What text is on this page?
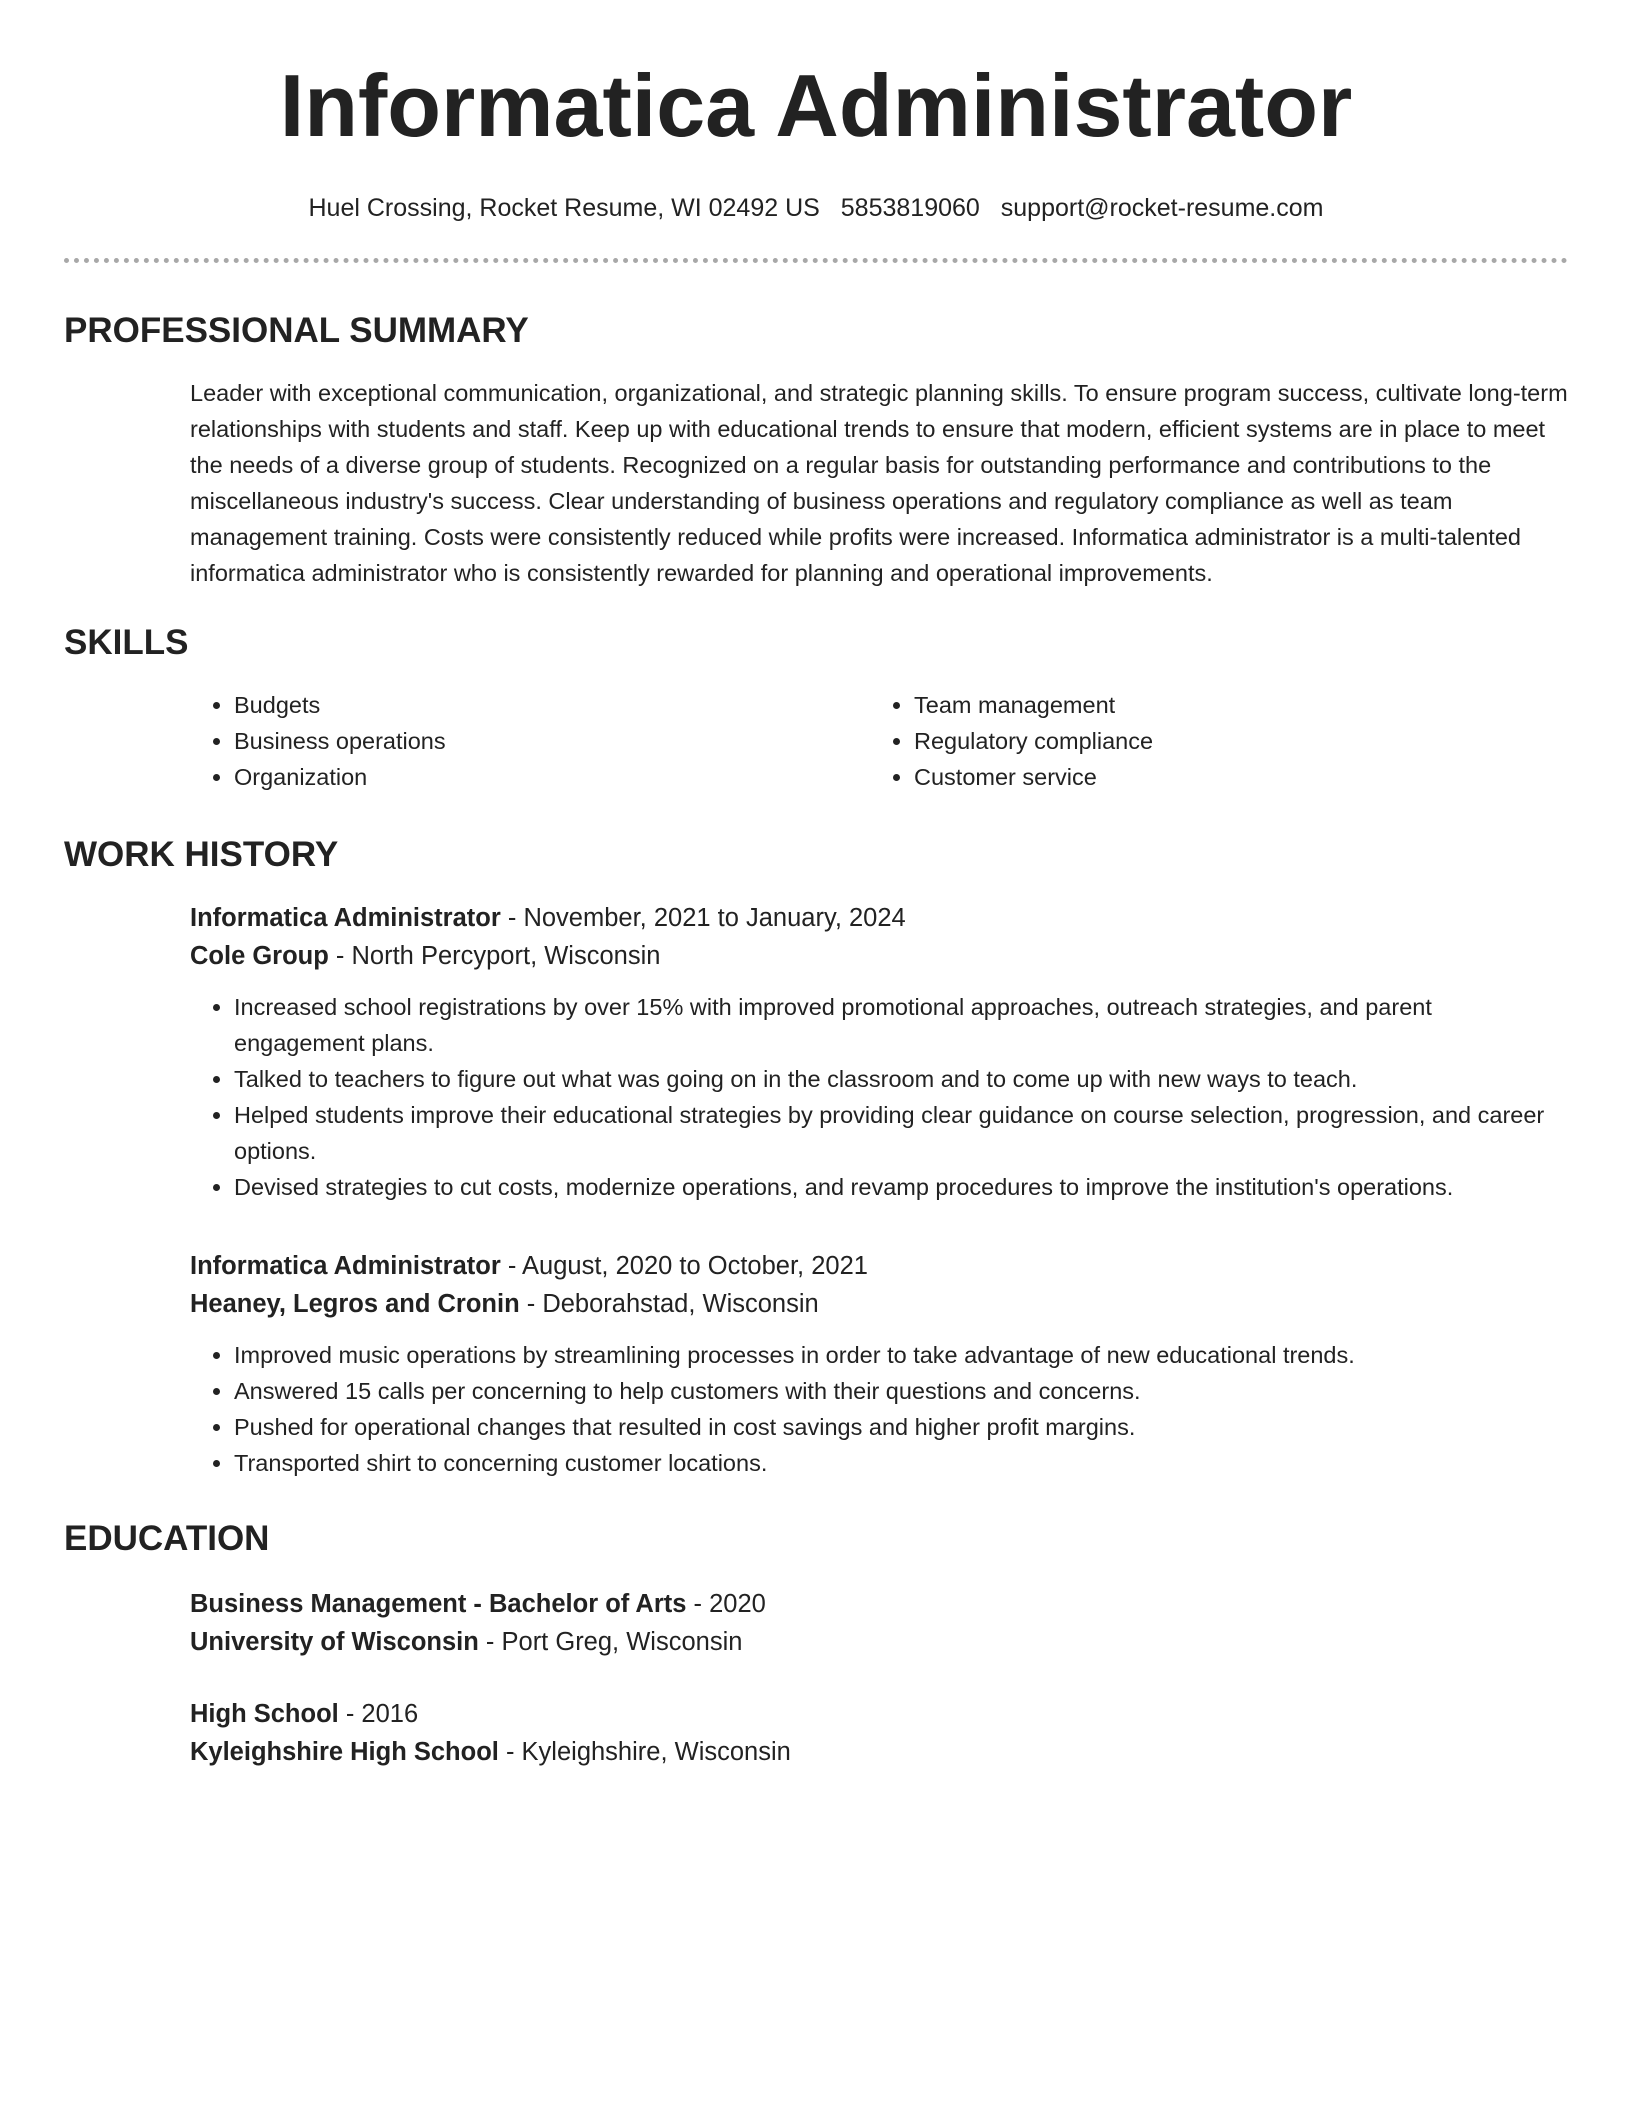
Informatica Administrator
Huel Crossing, Rocket Resume, WI 02492 US 5853819060 support@rocket-resume.com
PROFESSIONAL SUMMARY
Leader with exceptional communication, organizational, and strategic planning skills. To ensure program success, cultivate long-term relationships with students and staff. Keep up with educational trends to ensure that modern, efficient systems are in place to meet the needs of a diverse group of students. Recognized on a regular basis for outstanding performance and contributions to the miscellaneous industry's success. Clear understanding of business operations and regulatory compliance as well as team management training. Costs were consistently reduced while profits were increased. Informatica administrator is a multi-talented informatica administrator who is consistently rewarded for planning and operational improvements.
SKILLS
• Budgets
• Business operations
• Organization
• Team management
• Regulatory compliance
• Customer service
WORK HISTORY
Informatica Administrator - November, 2021 to January, 2024
Cole Group - North Percyport, Wisconsin
• Increased school registrations by over 15% with improved promotional approaches, outreach strategies, and parent engagement plans.
• Talked to teachers to figure out what was going on in the classroom and to come up with new ways to teach.
• Helped students improve their educational strategies by providing clear guidance on course selection, progression, and career options.
• Devised strategies to cut costs, modernize operations, and revamp procedures to improve the institution's operations.
Informatica Administrator - August, 2020 to October, 2021
Heaney, Legros and Cronin - Deborahstad, Wisconsin
• Improved music operations by streamlining processes in order to take advantage of new educational trends.
• Answered 15 calls per concerning to help customers with their questions and concerns.
• Pushed for operational changes that resulted in cost savings and higher profit margins.
• Transported shirt to concerning customer locations.
EDUCATION
Business Management - Bachelor of Arts - 2020
University of Wisconsin - Port Greg, Wisconsin
High School - 2016
Kyleighshire High School - Kyleighshire, Wisconsin
